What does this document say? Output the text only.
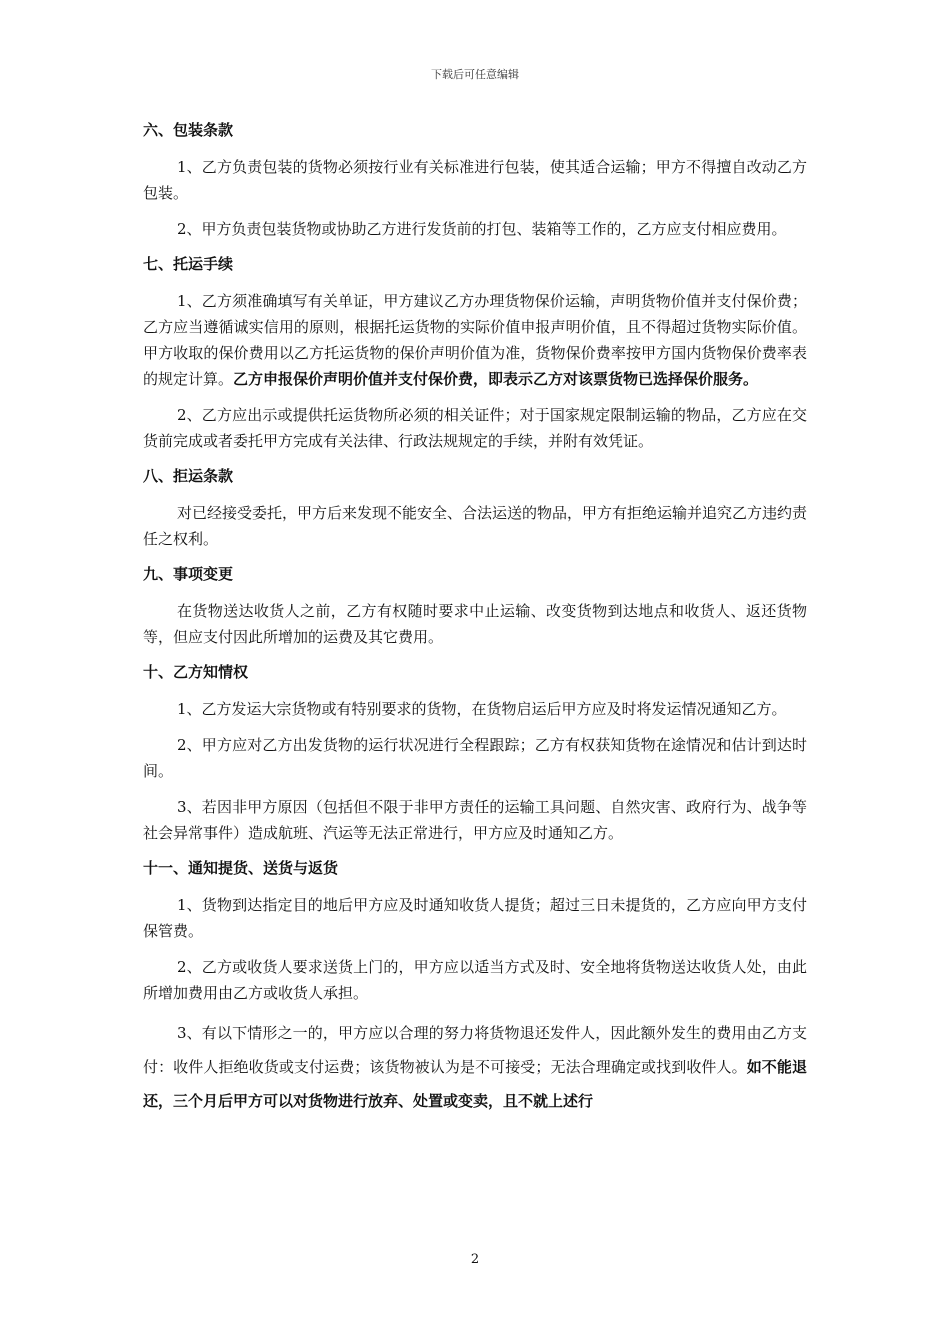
下载后可任意编辑
六、包装条款

1、乙方负责包装的货物必须按行业有关标准进行包装，使其适合运输；甲方不得擅自改动乙方包装。

2、甲方负责包装货物或协助乙方进行发货前的打包、装箱等工作的，乙方应支付相应费用。

七、托运手续

1、乙方须准确填写有关单证，甲方建议乙方办理货物保价运输，声明货物价值并支付保价费；乙方应当遵循诚实信用的原则，根据托运货物的实际价值申报声明价值，且不得超过货物实际价值。甲方收取的保价费用以乙方托运货物的保价声明价值为准，货物保价费率按甲方国内货物保价费率表的规定计算。乙方申报保价声明价值并支付保价费，即表示乙方对该票货物已选择保价服务。

2、乙方应出示或提供托运货物所必须的相关证件；对于国家规定限制运输的物品，乙方应在交货前完成或者委托甲方完成有关法律、行政法规规定的手续，并附有效凭证。

八、拒运条款

对已经接受委托，甲方后来发现不能安全、合法运送的物品，甲方有拒绝运输并追究乙方违约责任之权利。

九、事项变更

在货物送达收货人之前，乙方有权随时要求中止运输、改变货物到达地点和收货人、返还货物等，但应支付因此所增加的运费及其它费用。

十、乙方知情权

1、乙方发运大宗货物或有特别要求的货物，在货物启运后甲方应及时将发运情况通知乙方。

2、甲方应对乙方出发货物的运行状况进行全程跟踪；乙方有权获知货物在途情况和估计到达时间。

3、若因非甲方原因（包括但不限于非甲方责任的运输工具问题、自然灾害、政府行为、战争等社会异常事件）造成航班、汽运等无法正常进行，甲方应及时通知乙方。

十一、通知提货、送货与返货

1、货物到达指定目的地后甲方应及时通知收货人提货；超过三日未提货的，乙方应向甲方支付保管费。

2、乙方或收货人要求送货上门的，甲方应以适当方式及时、安全地将货物送达收货人处，由此所增加费用由乙方或收货人承担。

3、有以下情形之一的，甲方应以合理的努力将货物退还发件人，因此额外发生的费用由乙方支付：收件人拒绝收货或支付运费；该货物被认为是不可接受；无法合理确定或找到收件人。如不能退还，三个月后甲方可以对货物进行放弃、处置或变卖，且不就上述行

2
